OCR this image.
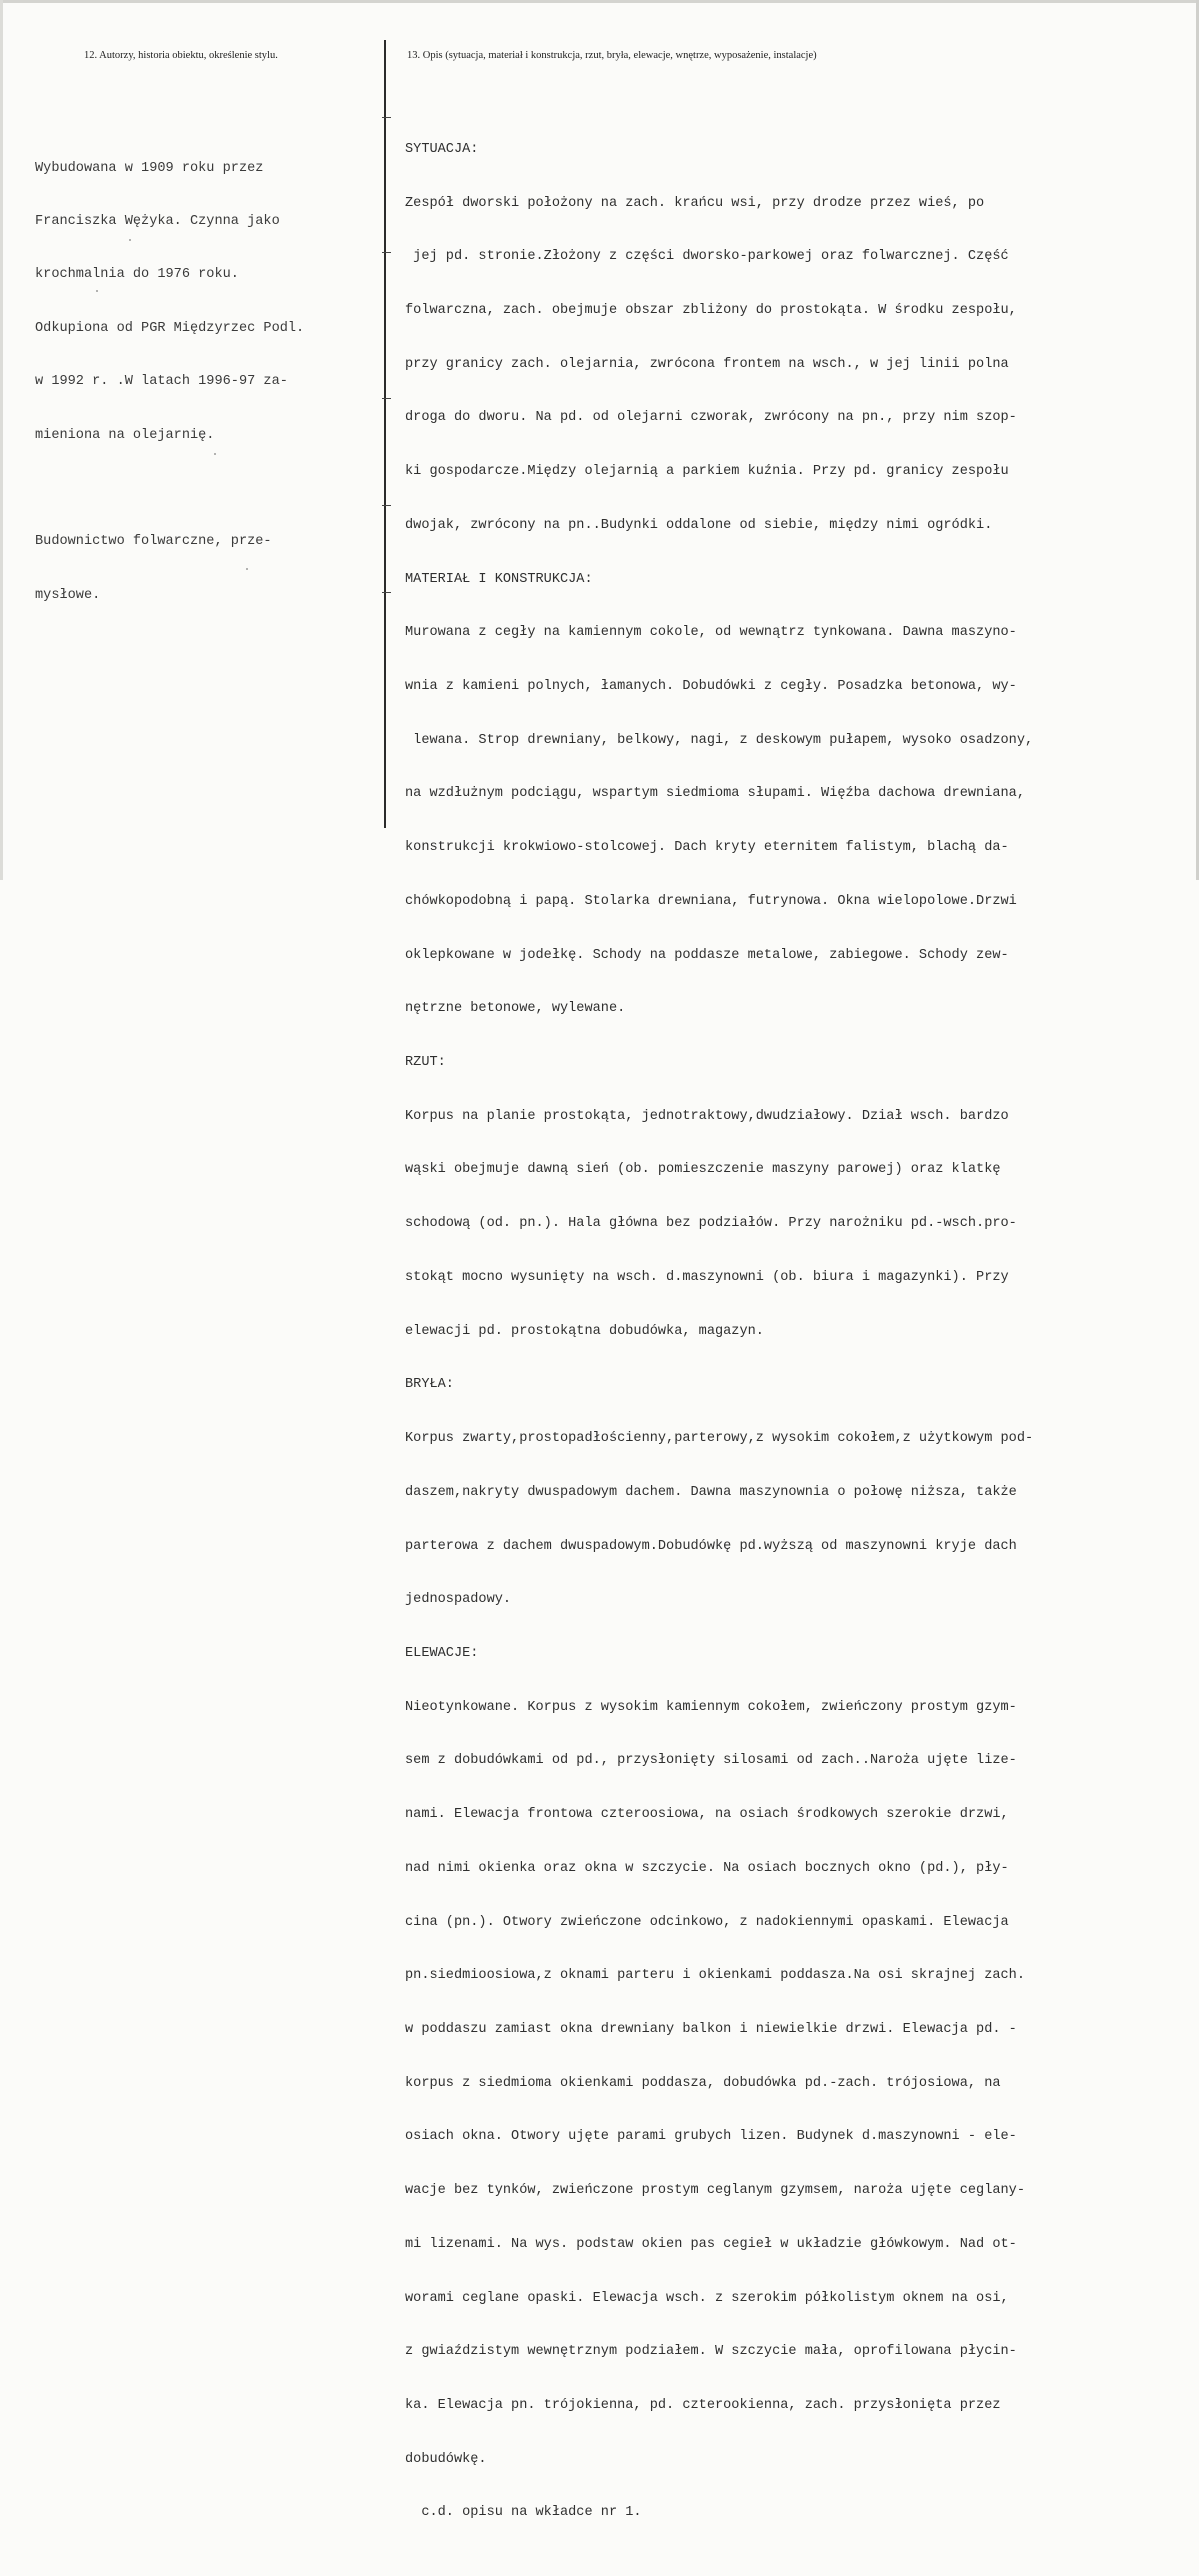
12. Autorzy, historia obiektu, określenie stylu.	13. Opis (sytuacja, materiał i konstrukcja, rzut, bryła, elewacje, wnętrze, wyposażenie, instalacje)

Wybudowana w 1909 roku przez

Franciszka Wężyka. Czynna jako

krochmalnia do 1976 roku.

Odkupiona od PGR Międzyrzec Podl.

w 1992 r. .W latach 1996-97 za-

mieniona na olejarnię.

Budownictwo folwarczne, prze-

mysłowe.

SYTUACJA:

Zespół dworski położony na zach. krańcu wsi, przy drodze przez wieś, po

jej pd. stronie.Złożony z części dworsko-parkowej oraz folwarcznej. Część

folwarczna, zach. obejmuje obszar zbliżony do prostokąta. W środku zespołu,

przy granicy zach. olejarnia, zwrócona frontem na wsch., w jej linii polna

droga do dworu. Na pd. od olejarni czworak, zwrócony na pn., przy nim szop-

ki gospodarcze.Między olejarnią a parkiem kuźnia. Przy pd. granicy zespołu

dwojak, zwrócony na pn..Budynki oddalone od siebie, między nimi ogródki.

MATERIAŁ I KONSTRUKCJA:

Murowana z cegły na kamiennym cokole, od wewnątrz tynkowana. Dawna maszyno-

wnia z kamieni polnych, łamanych. Dobudówki z cegły. Posadzka betonowa, wy-

lewana. Strop drewniany, belkowy, nagi, z deskowym pułapem, wysoko osadzony,

na wzdłużnym podciągu, wspartym siedmioma słupami. Więźba dachowa drewniana,

konstrukcji krokwiowo-stolcowej. Dach kryty eternitem falistym, blachą da-

chówkopodobną i papą. Stolarka drewniana, futrynowa. Okna wielopolowe.Drzwi

oklepkowane w jodełkę. Schody na poddasze metalowe, zabiegowe. Schody zew-

nętrzne betonowe, wylewane.

RZUT:

Korpus na planie prostokąta, jednotraktowy,dwudziałowy. Dział wsch. bardzo

wąski obejmuje dawną sień (ob. pomieszczenie maszyny parowej) oraz klatkę

schodową (od. pn.). Hala główna bez podziałów. Przy narożniku pd.-wsch.pro-

stokąt mocno wysunięty na wsch. d.maszynowni (ob. biura i magazynki). Przy

elewacji pd. prostokątna dobudówka, magazyn.

BRYŁA:

Korpus zwarty,prostopadłościenny,parterowy,z wysokim cokołem,z użytkowym pod-

daszem,nakryty dwuspadowym dachem. Dawna maszynownia o połowę niższa, także

parterowa z dachem dwuspadowym.Dobudówkę pd.wyższą od maszynowni kryje dach

jednospadowy.

ELEWACJE:

Nieotynkowane. Korpus z wysokim kamiennym cokołem, zwieńczony prostym gzym-

sem z dobudówkami od pd., przysłonięty silosami od zach..Naroża ujęte lize-

nami. Elewacja frontowa czteroosiowa, na osiach środkowych szerokie drzwi,

nad nimi okienka oraz okna w szczycie. Na osiach bocznych okno (pd.), pły-

cina (pn.). Otwory zwieńczone odcinkowo, z nadokiennymi opaskami. Elewacja

pn.siedmioosiowa,z oknami parteru i okienkami poddasza.Na osi skrajnej zach.

w poddaszu zamiast okna drewniany balkon i niewielkie drzwi. Elewacja pd. -

korpus z siedmioma okienkami poddasza, dobudówka pd.-zach. trójosiowa, na

osiach okna. Otwory ujęte parami grubych lizen. Budynek d.maszynowni - ele-

wacje bez tynków, zwieńczone prostym ceglanym gzymsem, naroża ujęte ceglany-

mi lizenami. Na wys. podstaw okien pas cegieł w układzie główkowym. Nad ot-

worami ceglane opaski. Elewacja wsch. z szerokim półkolistym oknem na osi,

z gwiaździstym wewnętrznym podziałem. W szczycie mała, oprofilowana płycin-

ka. Elewacja pn. trójokienna, pd. czterookienna, zach. przysłonięta przez

dobudówkę.

c.d. opisu na wkładce nr 1.
